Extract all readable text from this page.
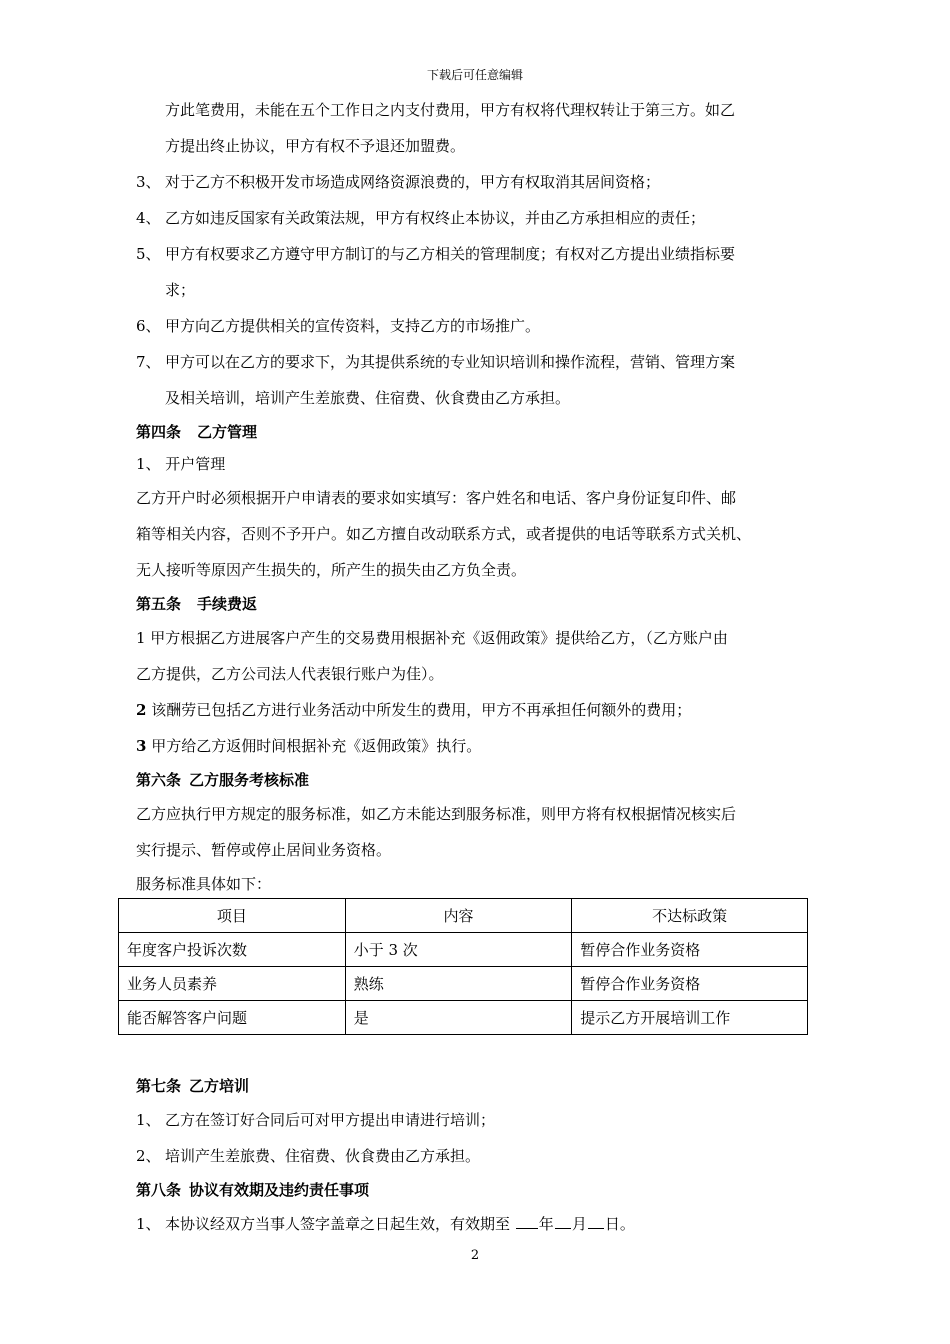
下载后可任意编辑
方此笔费用，未能在五个工作日之内支付费用，甲方有权将代理权转让于第三方。如乙
方提出终止协议，甲方有权不予退还加盟费。
3、 对于乙方不积极开发市场造成网络资源浪费的，甲方有权取消其居间资格；
4、 乙方如违反国家有关政策法规，甲方有权终止本协议，并由乙方承担相应的责任；
5、 甲方有权要求乙方遵守甲方制订的与乙方相关的管理制度；有权对乙方提出业绩指标要
求；
6、 甲方向乙方提供相关的宣传资料，支持乙方的市场推广。
7、 甲方可以在乙方的要求下，为其提供系统的专业知识培训和操作流程，营销、管理方案
及相关培训，培训产生差旅费、住宿费、伙食费由乙方承担。
第四条 乙方管理
1、 开户管理
乙方开户时必须根据开户申请表的要求如实填写：客户姓名和电话、客户身份证复印件、邮
箱等相关内容，否则不予开户。如乙方擅自改动联系方式，或者提供的电话等联系方式关机、
无人接听等原因产生损失的，所产生的损失由乙方负全责。
第五条 手续费返
1 甲方根据乙方进展客户产生的交易费用根据补充《返佣政策》提供给乙方，（乙方账户由
乙方提供，乙方公司法人代表银行账户为佳）。
2 该酬劳已包括乙方进行业务活动中所发生的费用，甲方不再承担任何额外的费用；
3 甲方给乙方返佣时间根据补充《返佣政策》执行。
第六条 乙方服务考核标准
乙方应执行甲方规定的服务标准，如乙方未能达到服务标准，则甲方将有权根据情况核实后
实行提示、暂停或停止居间业务资格。
服务标准具体如下：
项目	内容	不达标政策
年度客户投诉次数	小于 3 次	暂停合作业务资格
业务人员素养	熟练	暂停合作业务资格
能否解答客户问题	是	提示乙方开展培训工作
第七条 乙方培训
1、 乙方在签订好合同后可对甲方提出申请进行培训；
2、 培训产生差旅费、住宿费、伙食费由乙方承担。
第八条 协议有效期及违约责任事项
1、 本协议经双方当事人签字盖章之日起生效，有效期至 年 月 日。
2
